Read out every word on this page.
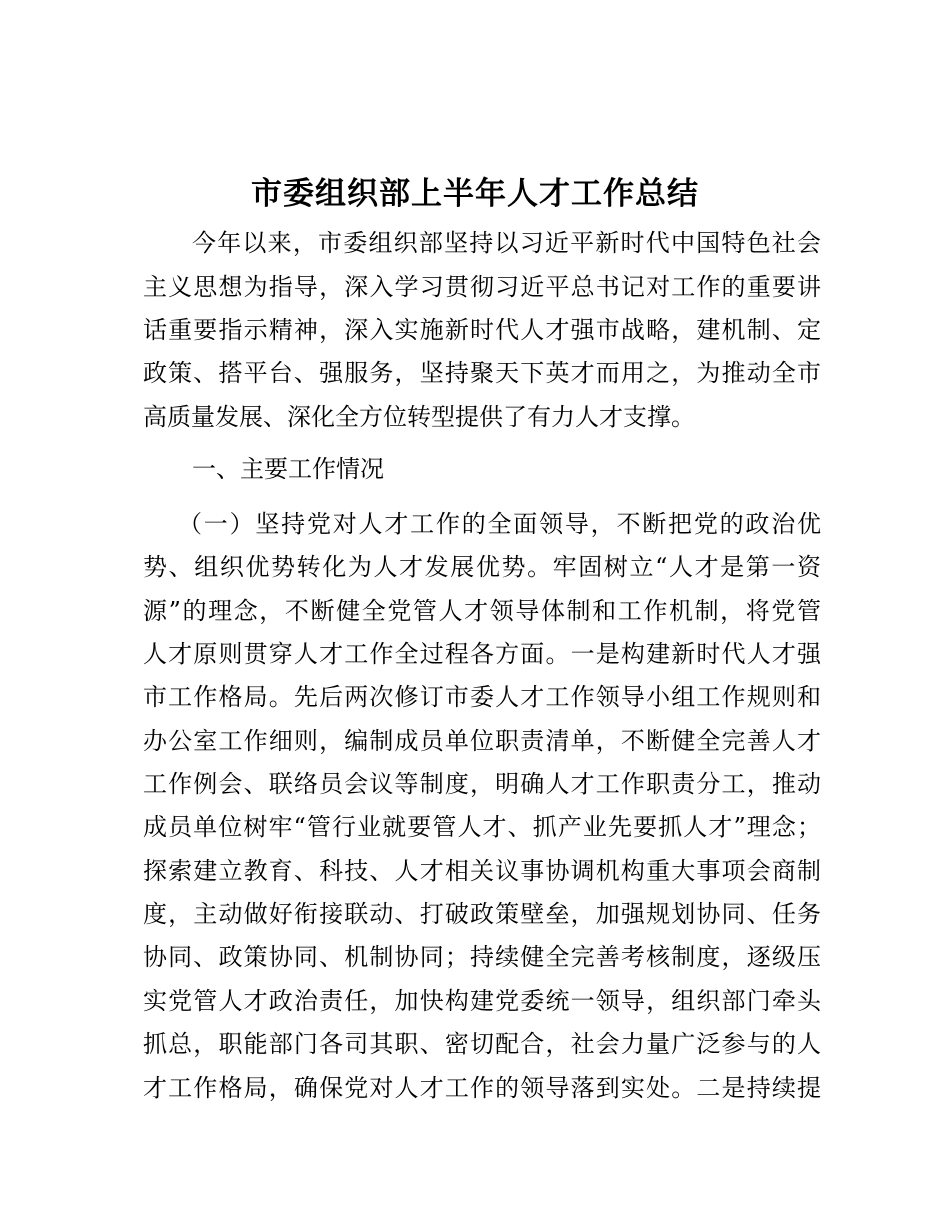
市委组织部上半年人才工作总结
今年以来，市委组织部坚持以习近平新时代中国特色社会
主义思想为指导，深入学习贯彻习近平总书记对工作的重要讲
话重要指示精神，深入实施新时代人才强市战略，建机制、定
政策、搭平台、强服务，坚持聚天下英才而用之，为推动全市
高质量发展、深化全方位转型提供了有力人才支撑。
一、主要工作情况
（一）坚持党对人才工作的全面领导，不断把党的政治优
势、组织优势转化为人才发展优势。牢固树立“人才是第一资
源”的理念，不断健全党管人才领导体制和工作机制，将党管
人才原则贯穿人才工作全过程各方面。一是构建新时代人才强
市工作格局。先后两次修订市委人才工作领导小组工作规则和
办公室工作细则，编制成员单位职责清单，不断健全完善人才
工作例会、联络员会议等制度，明确人才工作职责分工，推动
成员单位树牢“管行业就要管人才、抓产业先要抓人才”理念；
探索建立教育、科技、人才相关议事协调机构重大事项会商制
度，主动做好衔接联动、打破政策壁垒，加强规划协同、任务
协同、政策协同、机制协同；持续健全完善考核制度，逐级压
实党管人才政治责任，加快构建党委统一领导，组织部门牵头
抓总，职能部门各司其职、密切配合，社会力量广泛参与的人
才工作格局，确保党对人才工作的领导落到实处。二是持续提
